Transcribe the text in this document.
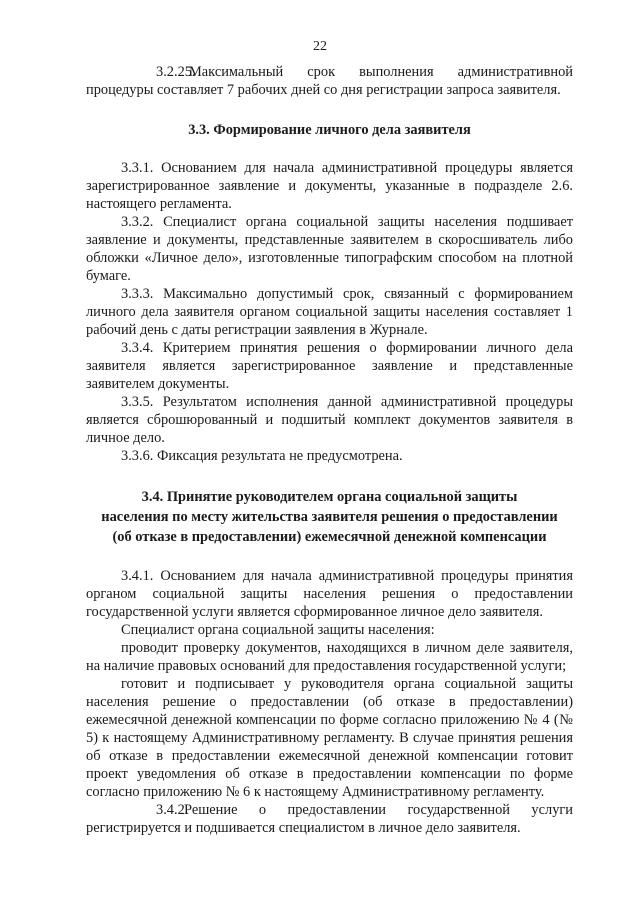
22

3.2.25.Максимальный срок выполнения административной процедуры составляет 7 рабочих дней со дня регистрации запроса заявителя.

3.3. Формирование личного дела заявителя

3.3.1. Основанием для начала административной процедуры является зарегистрированное заявление и документы, указанные в подразделе 2.6. настоящего регламента.

3.3.2. Специалист органа социальной защиты населения подшивает заявление и документы, представленные заявителем в скоросшиватель либо обложки «Личное дело», изготовленные типографским способом на плотной бумаге.

3.3.3. Максимально допустимый срок, связанный с формированием личного дела заявителя органом социальной защиты населения составляет 1 рабочий день с даты регистрации заявления в Журнале.

3.3.4. Критерием принятия решения о формировании личного дела заявителя является зарегистрированное заявление и представленные заявителем документы.

3.3.5. Результатом исполнения данной административной процедуры является сброшюрованный и подшитый комплект документов заявителя в личное дело.

3.3.6. Фиксация результата не предусмотрена.

3.4. Принятие руководителем органа социальной защиты
населения по месту жительства заявителя решения о предоставлении
(об отказе в предоставлении) ежемесячной денежной компенсации

3.4.1. Основанием для начала административной процедуры принятия органом социальной защиты населения решения о предоставлении государственной услуги является сформированное личное дело заявителя.

Специалист органа социальной защиты населения:

проводит проверку документов, находящихся в личном деле заявителя, на наличие правовых оснований для предоставления государственной услуги;

готовит и подписывает у руководителя органа социальной защиты населения решение о предоставлении (об отказе в предоставлении) ежемесячной денежной компенсации по форме согласно приложению № 4 (№ 5) к настоящему Административному регламенту. В случае принятия решения об отказе в предоставлении ежемесячной денежной компенсации готовит проект уведомления об отказе в предоставлении компенсации по форме согласно приложению № 6 к настоящему Административному регламенту.

3.4.2.Решение о предоставлении государственной услуги регистрируется и подшивается специалистом в личное дело заявителя.
